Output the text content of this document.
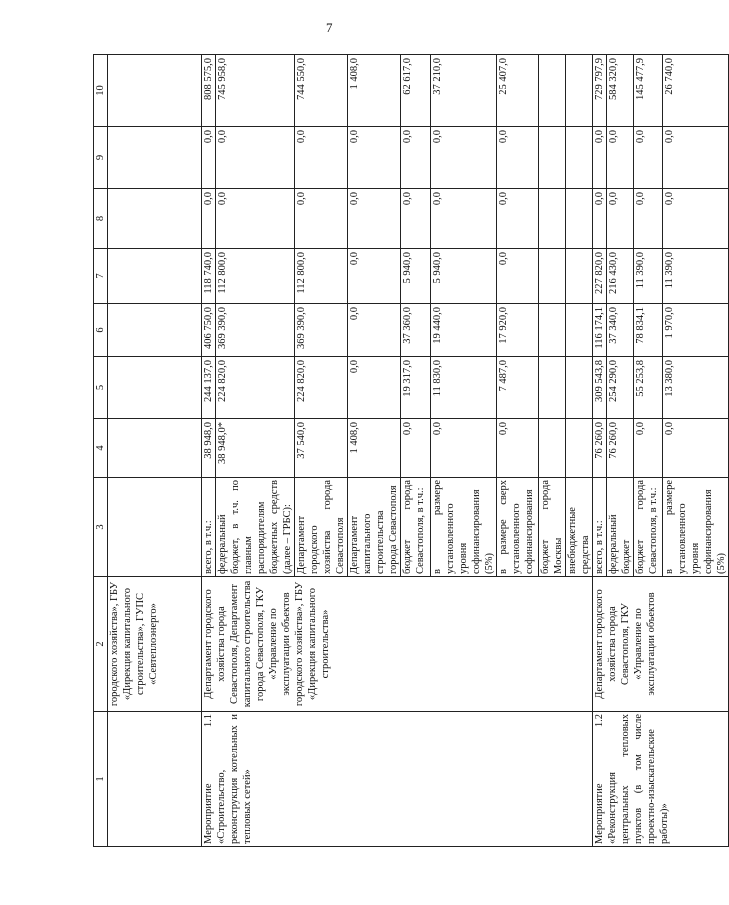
7
1	2	3	4	5	6	7	8	9	10
	городского хозяйства», ГБУ «Дирекция капитального строительства», ГУПС «Севтеплоэнерго»								
Мероприятие 1.1 «Строительство, реконструкция котельных и тепловых сетей»	Департамент городского хозяйства города Севастополя, Департамент капитального строительства города Севастополя, ГКУ «Управление по эксплуатации объектов городского хозяйства», ГБУ «Дирекция капитального строительства»	всего, в т.ч.:	38 948,0	244 137,0	406 750,0	118 740,0	0,0	0,0	808 575,0
		федеральный бюджет, в т.ч. по главным распорядителям бюджетных средств (далее – ГРБС):	38 948,0*	224 820,0	369 390,0	112 800,0	0,0	0,0	745 958,0
		Департамент городского хозяйства города Севастополя	37 540,0	224 820,0	369 390,0	112 800,0	0,0	0,0	744 550,0
		Департамент капитального строительства города Севастополя	1 408,0	0,0	0,0	0,0	0,0	0,0	1 408,0
		бюджет города Севастополя, в т.ч.:	0,0	19 317,0	37 360,0	5 940,0	0,0	0,0	62 617,0
		в размере установленного уровня софинансирования (5%)	0,0	11 830,0	19 440,0	5 940,0	0,0	0,0	37 210,0
		в размере сверх установленного софинансирования	0,0	7 487,0	17 920,0	0,0	0,0	0,0	25 407,0
		бюджет города Москвы							
		внебюджетные средства							
Мероприятие 1.2 «Реконструкция центральных тепловых пунктов (в том числе проектно-изыскательские работы)»	Департамент городского хозяйства города Севастополя, ГКУ «Управление по эксплуатации объектов	всего, в т.ч.:	76 260,0	309 543,8	116 174,1	227 820,0	0,0	0,0	729 797,9
		федеральный бюджет	76 260,0	254 290,0	37 340,0	216 430,0	0,0	0,0	584 320,0
		бюджет города Севастополя, в т.ч.:	0,0	55 253,8	78 834,1	11 390,0	0,0	0,0	145 477,9
		в размере установленного уровня софинансирования (5%)	0,0	13 380,0	1 970,0	11 390,0	0,0	0,0	26 740,0
